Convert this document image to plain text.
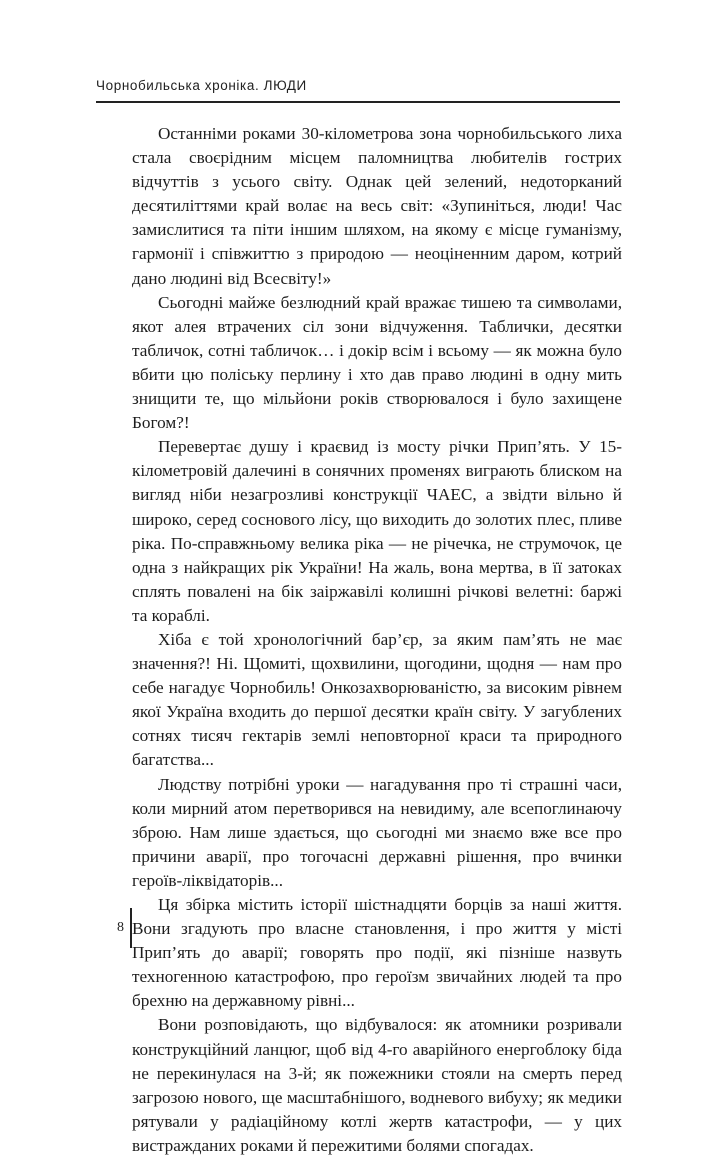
Чорнобильська хроніка. ЛЮДИ

Останніми роками 30-кілометрова зона чорнобильського лиха стала своєрідним місцем паломництва любителів гострих відчуттів з усього світу. Однак цей зелений, недоторканий десятиліттями край волає на весь світ: «Зупиніться, люди! Час замислитися та піти іншим шляхом, на якому є місце гуманізму, гармонії і співжиттю з природою — неоціненним даром, котрий дано людині від Всесвіту!»

Сьогодні майже безлюдний край вражає тишею та символами, якот алея втрачених сіл зони відчуження. Таблички, десятки табличок, сотні табличок… і докір всім і всьому — як можна було вбити цю поліську перлину і хто дав право людині в одну мить знищити те, що мільйони років створювалося і було захищене Богом?!

Перевертає душу і краєвид із мосту річки Прип’ять. У 15-кілометровій далечині в сонячних променях виграють блиском на вигляд ніби незагрозливі конструкції ЧАЕС, а звідти вільно й широко, серед соснового лісу, що виходить до золотих плес, пливе ріка. По-справжньому велика ріка — не річечка, не струмочок, це одна з найкращих рік України! На жаль, вона мертва, в її затоках сплять повалені на бік заіржавілі колишні річкові велетні: баржі та кораблі.

Хіба є той хронологічний бар’єр, за яким пам’ять не має значення?! Ні. Щомиті, щохвилини, щогодини, щодня — нам про себе нагадує Чорнобиль! Онкозахворюваністю, за високим рівнем якої Україна входить до першої десятки країн світу. У загублених сотнях тисяч гектарів землі неповторної краси та природного багатства...

Людству потрібні уроки — нагадування про ті страшні часи, коли мирний атом перетворився на невидиму, але всепоглинаючу зброю. Нам лише здається, що сьогодні ми знаємо вже все про причини аварії, про тогочасні державні рішення, про вчинки героїв-ліквідаторів...

Ця збірка містить історії шістнадцяти борців за наші життя. Вони згадують про власне становлення, і про життя у місті Прип’ять до аварії; говорять про події, які пізніше назвуть техногенною катастрофою, про героїзм звичайних людей та про брехню на державному рівні...

Вони розповідають, що відбувалося: як атомники розривали конструкційний ланцюг, щоб від 4-го аварійного енергоблоку біда не перекинулася на 3-й; як пожежники стояли на смерть перед загрозою нового, ще масштабнішого, водневого вибуху; як медики рятували у радіаційному котлі жертв катастрофи, — у цих вистражданих роками й пережитими болями спогадах.

8
